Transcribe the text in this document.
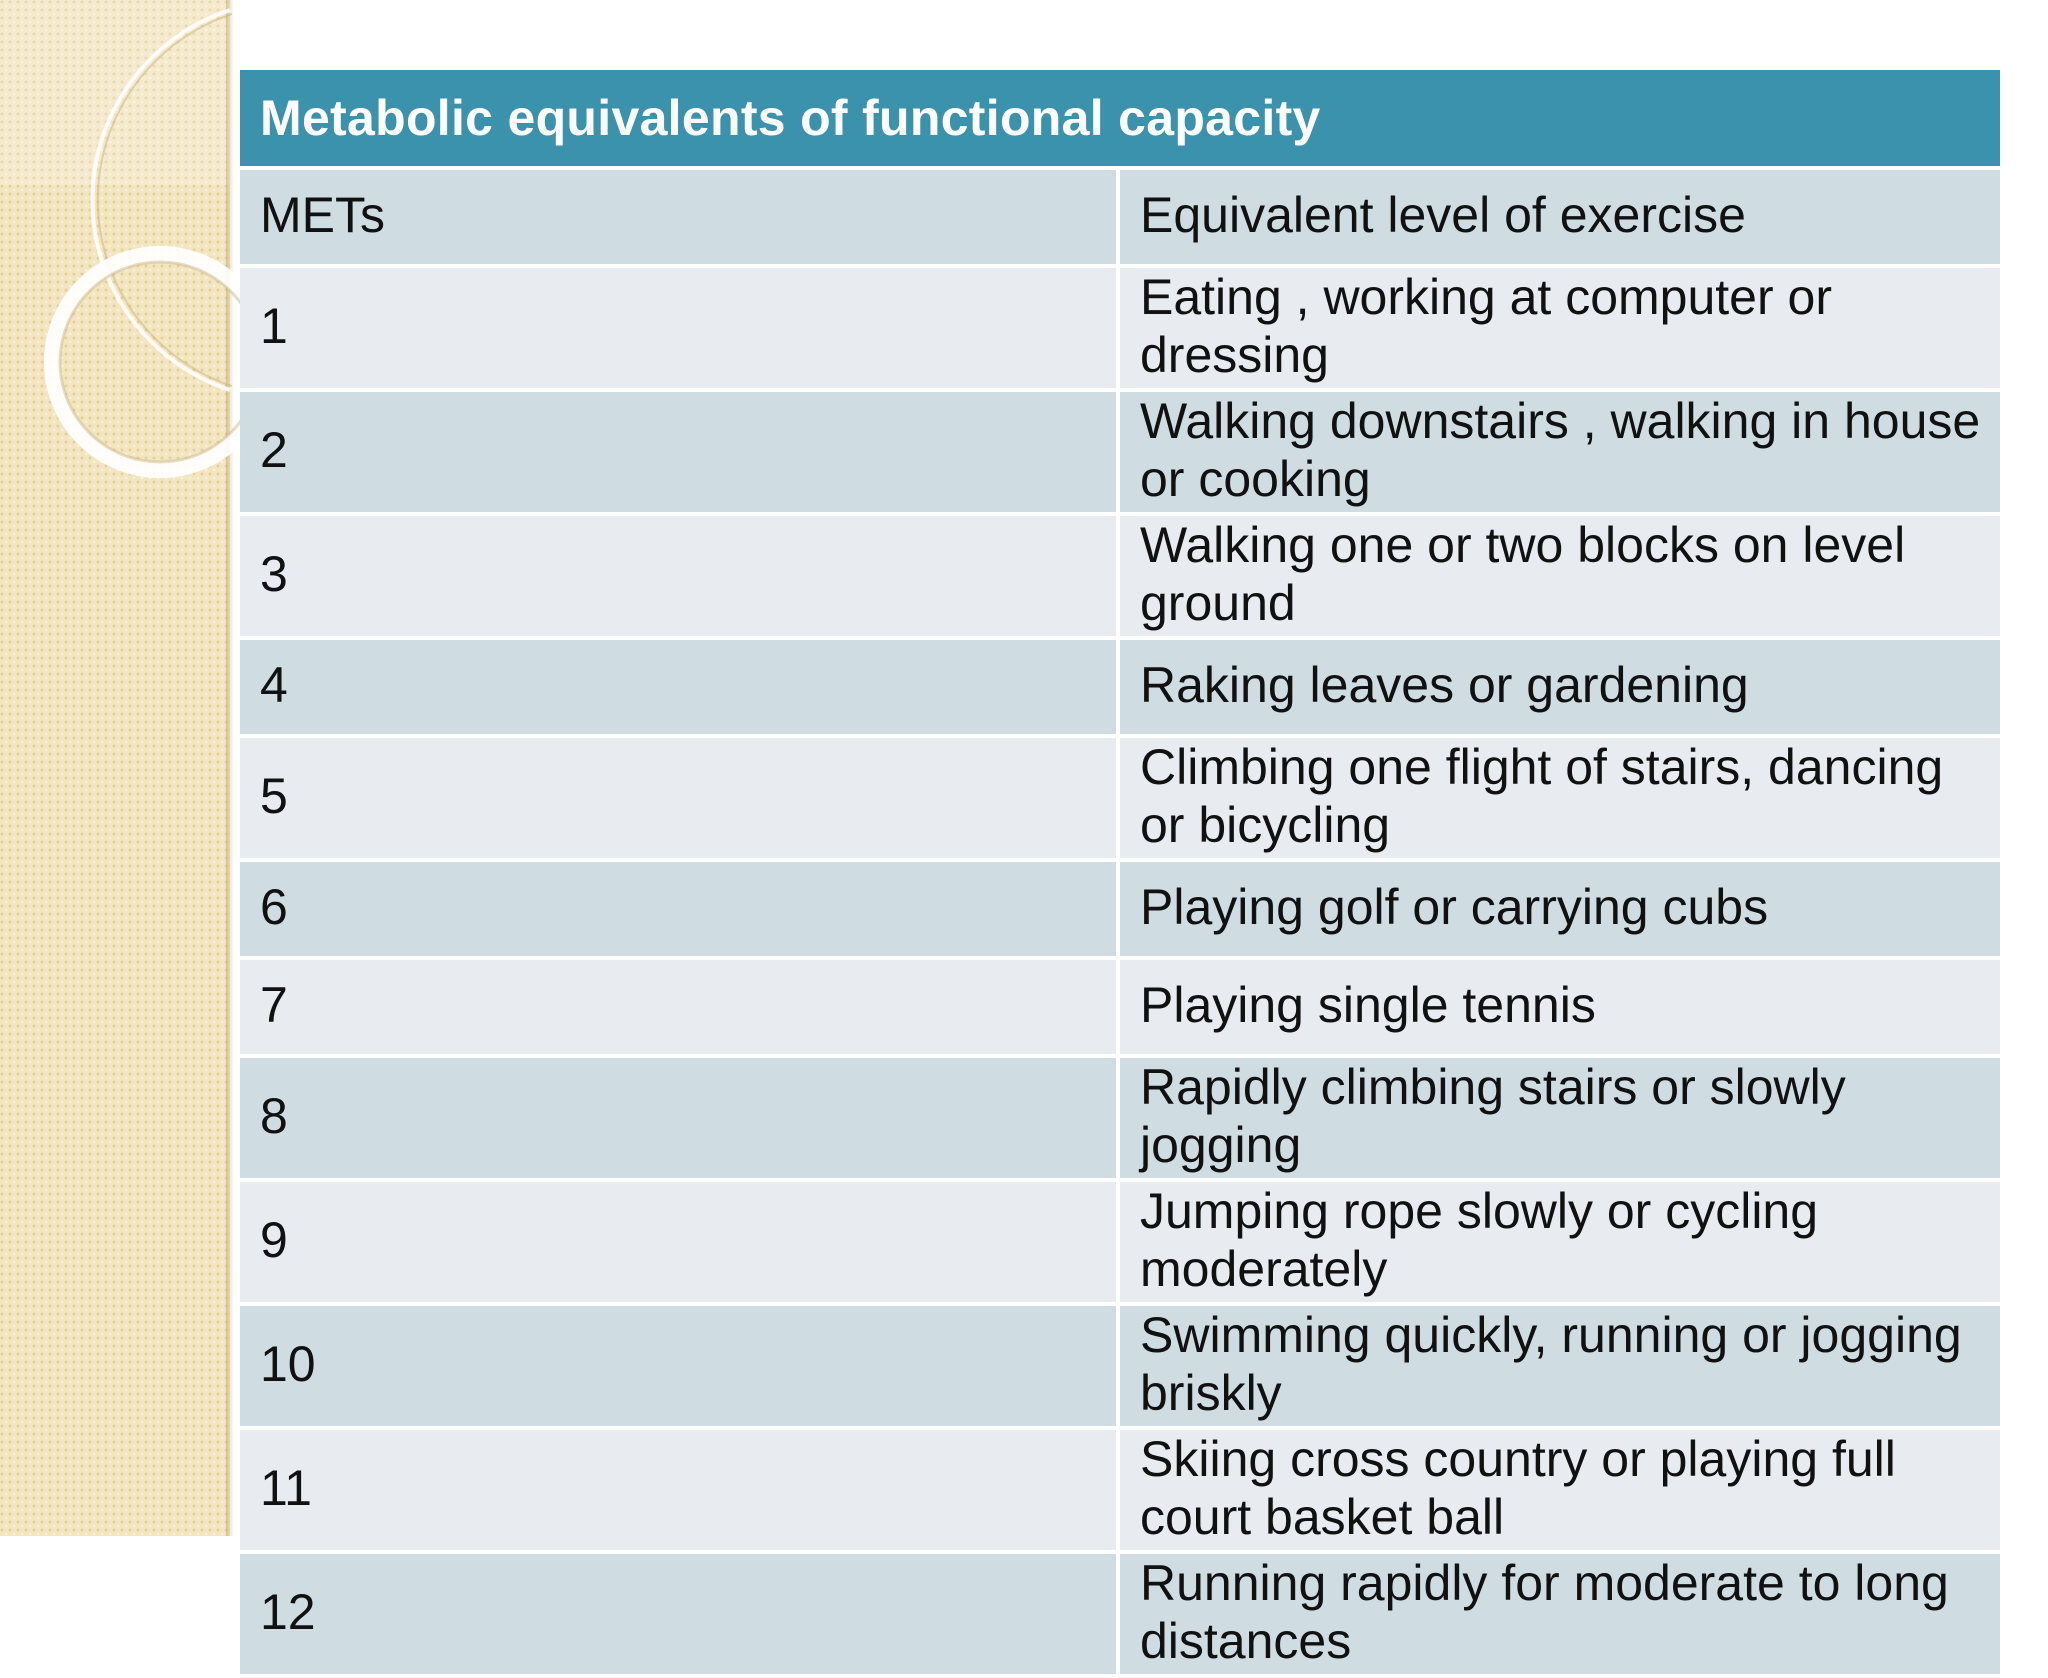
Metabolic equivalents of functional capacity	
METs	Equivalent level of exercise
1	Eating , working at computer or dressing
2	Walking downstairs , walking in house or cooking
3	Walking one or two blocks on level ground
4	Raking leaves or gardening
5	Climbing one flight of stairs, dancing or bicycling
6	Playing golf or carrying cubs
7	Playing single tennis
8	Rapidly climbing stairs or slowly jogging
9	Jumping rope slowly or cycling moderately
10	Swimming quickly, running or jogging briskly
11	Skiing cross country or playing full court basket ball
12	Running rapidly for moderate to long distances
